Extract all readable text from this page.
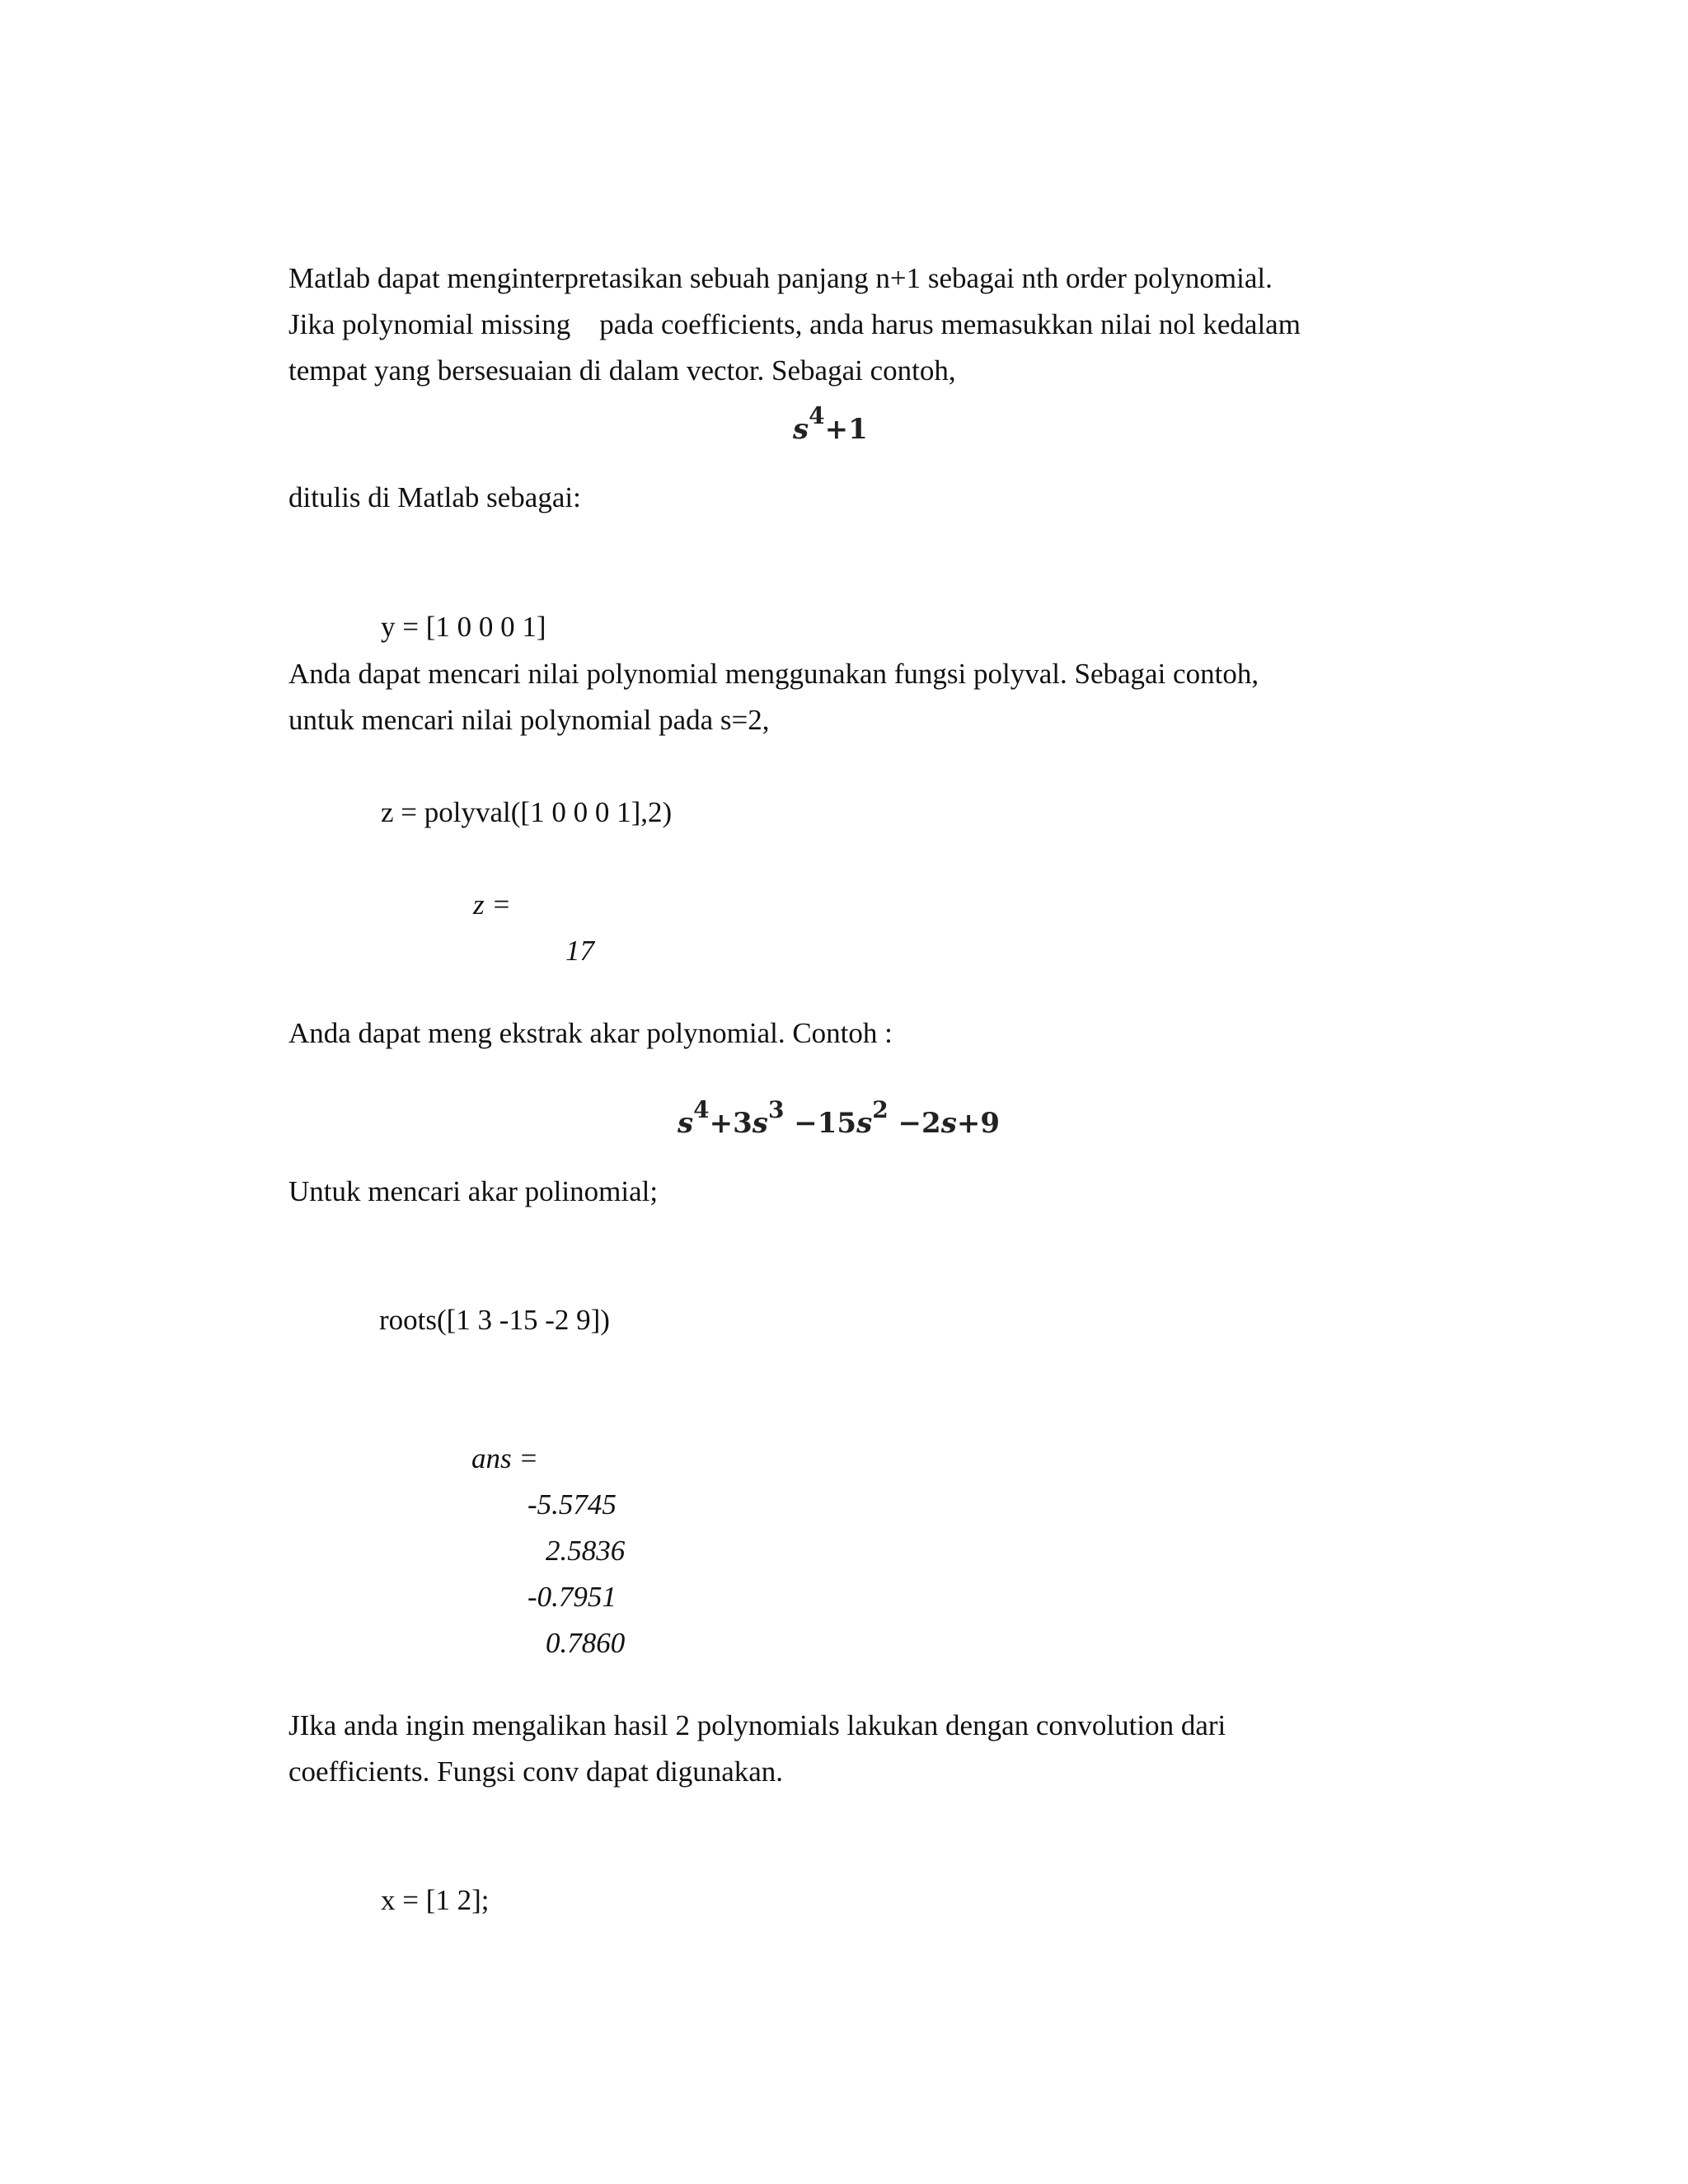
Matlab dapat menginterpretasikan sebuah panjang n+1 sebagai nth order polynomial.

Jika polynomial missing    pada coefficients, anda harus memasukkan nilai nol kedalam

tempat yang bersesuaian di dalam vector. Sebagai contoh,

$s^4+1$

ditulis di Matlab sebagai:

y = [1 0 0 0 1]

Anda dapat mencari nilai polynomial menggunakan fungsi polyval. Sebagai contoh,

untuk mencari nilai polynomial pada s=2,

z = polyval([1 0 0 0 1],2)

z =

17

Anda dapat meng ekstrak akar polynomial. Contoh :

$s^4+3s^3 -15s^2 -2s+9$

Untuk mencari akar polinomial;

roots([1 3 -15 -2 9])

ans =

-5.5745

2.5836

-0.7951

0.7860

JIka anda ingin mengalikan hasil 2 polynomials lakukan dengan convolution dari

coefficients. Fungsi conv dapat digunakan.

x = [1 2];
